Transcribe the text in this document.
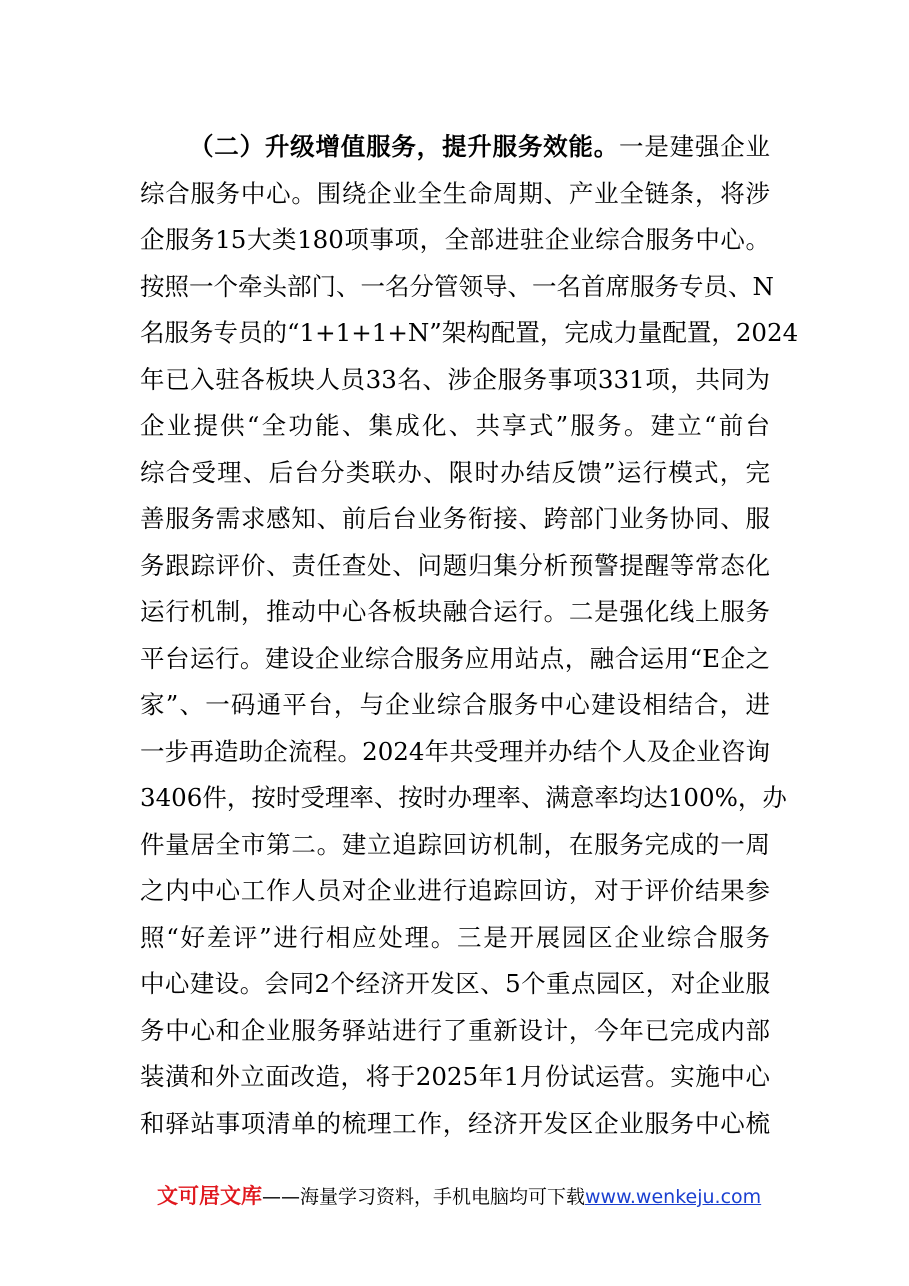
（二）升级增值服务，提升服务效能。一是建强企业
综合服务中心。围绕企业全生命周期、产业全链条，将涉
企服务15大类180项事项，全部进驻企业综合服务中心。
按照一个牵头部门、一名分管领导、一名首席服务专员、N
名服务专员的“1+1+1+N”架构配置，完成力量配置，2024
年已入驻各板块人员33名、涉企服务事项331项，共同为
企业提供“全功能、集成化、共享式”服务。建立“前台
综合受理、后台分类联办、限时办结反馈”运行模式，完
善服务需求感知、前后台业务衔接、跨部门业务协同、服
务跟踪评价、责任查处、问题归集分析预警提醒等常态化
运行机制，推动中心各板块融合运行。二是强化线上服务
平台运行。建设企业综合服务应用站点，融合运用“E企之
家”、一码通平台，与企业综合服务中心建设相结合，进
一步再造助企流程。2024年共受理并办结个人及企业咨询
3406件，按时受理率、按时办理率、满意率均达100%，办
件量居全市第二。建立追踪回访机制，在服务完成的一周
之内中心工作人员对企业进行追踪回访，对于评价结果参
照“好差评”进行相应处理。三是开展园区企业综合服务
中心建设。会同2个经济开发区、5个重点园区，对企业服
务中心和企业服务驿站进行了重新设计，今年已完成内部
装潢和外立面改造，将于2025年1月份试运营。实施中心
和驿站事项清单的梳理工作，经济开发区企业服务中心梳
文可居文库——海量学习资料，手机电脑均可下载www.wenkeju.com
